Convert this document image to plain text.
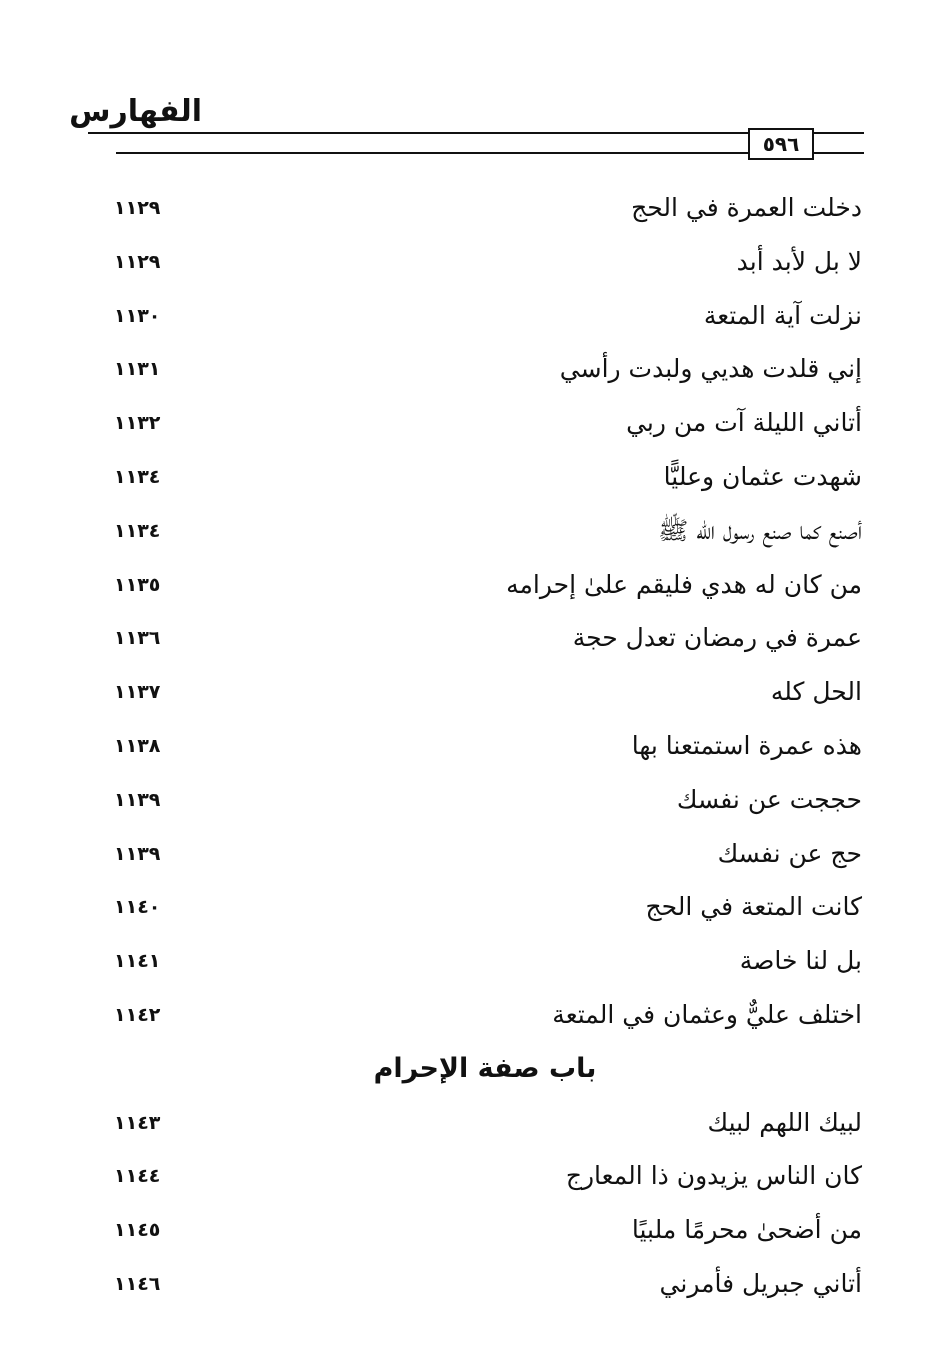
الفهارس
٥٩٦
دخلت العمرة في الحج
١١٢٩
لا بل لأبد أبد
١١٢٩
نزلت آية المتعة
١١٣٠
إني قلدت هديي ولبدت رأسي
١١٣١
أتاني الليلة آت من ربي
١١٣٢
شهدت عثمان وعليًّا
١١٣٤
أصنع كما صنع رسول الله ﷺ
١١٣٤
من كان له هدي فليقم علىٰ إحرامه
١١٣٥
عمرة في رمضان تعدل حجة
١١٣٦
الحل كله
١١٣٧
هذه عمرة استمتعنا بها
١١٣٨
حججت عن نفسك
١١٣٩
حج عن نفسك
١١٣٩
كانت المتعة في الحج
١١٤٠
بل لنا خاصة
١١٤١
اختلف عليٌّ وعثمان في المتعة
١١٤٢
باب صفة الإحرام
لبيك اللهم لبيك
١١٤٣
كان الناس يزيدون ذا المعارج
١١٤٤
من أضحىٰ محرمًا ملبيًا
١١٤٥
أتاني جبريل فأمرني
١١٤٦
